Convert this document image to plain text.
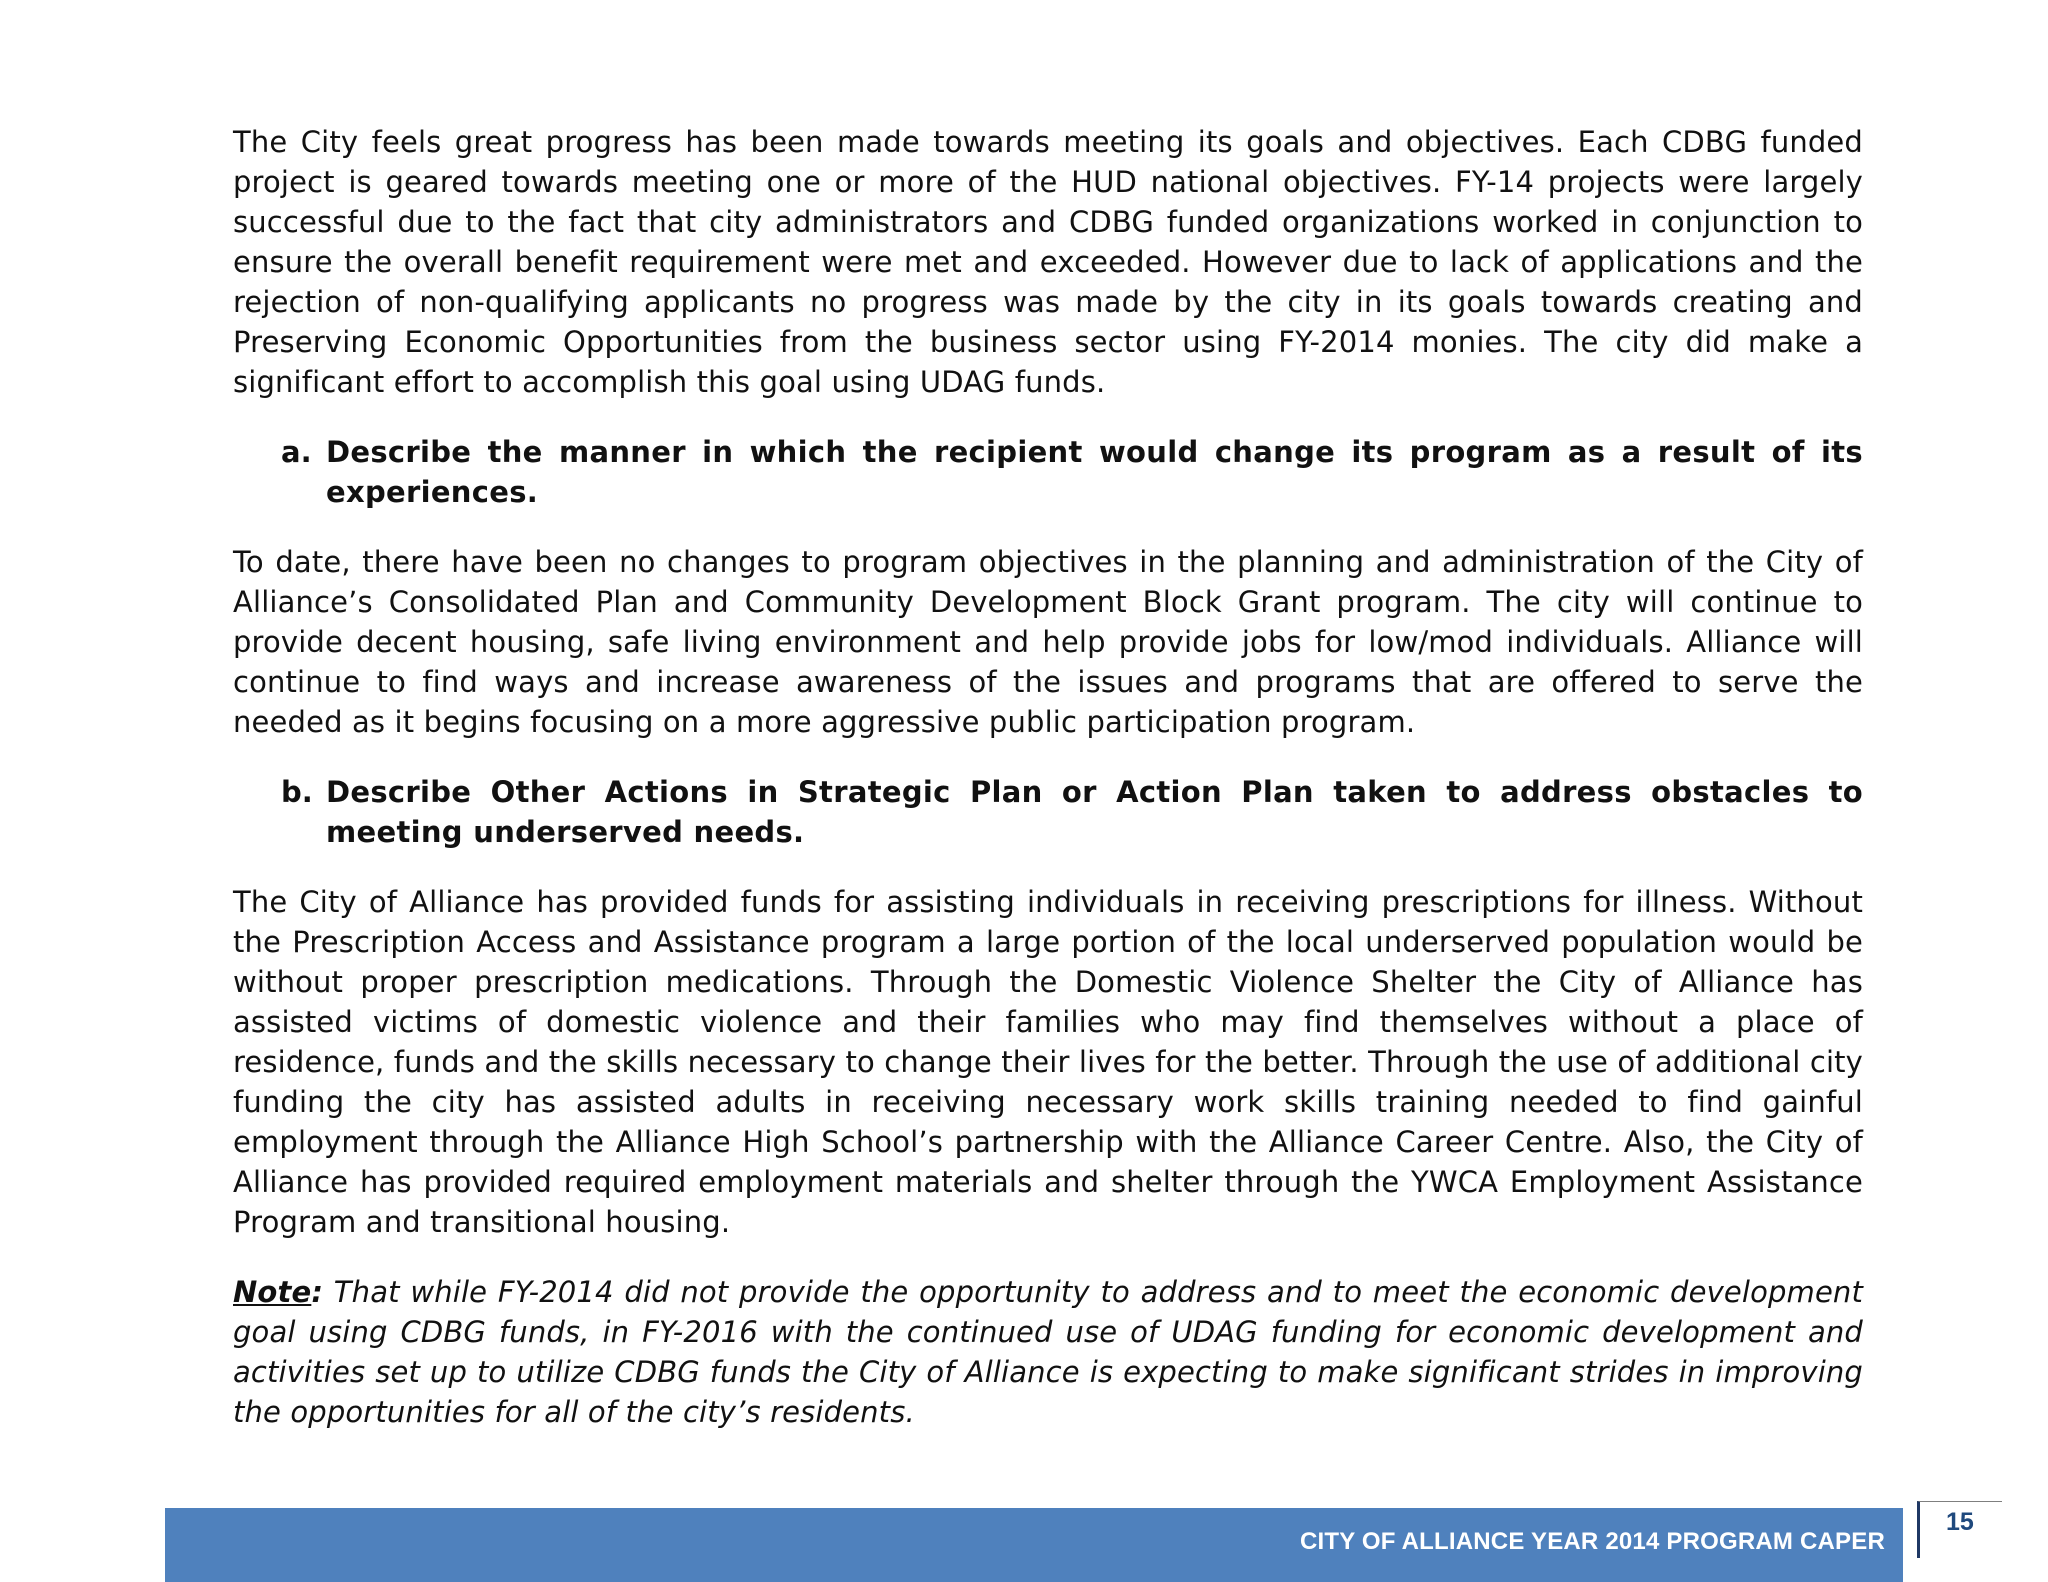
The City feels great progress has been made towards meeting its goals and objectives. Each CDBG funded project is geared towards meeting one or more of the HUD national objectives. FY-14 projects were largely successful due to the fact that city administrators and CDBG funded organizations worked in conjunction to ensure the overall benefit requirement were met and exceeded. However due to lack of applications and the rejection of non-qualifying applicants no progress was made by the city in its goals towards creating and Preserving Economic Opportunities from the business sector using FY-2014 monies. The city did make a significant effort to accomplish this goal using UDAG funds.

a. Describe the manner in which the recipient would change its program as a result of its experiences.

To date, there have been no changes to program objectives in the planning and administration of the City of Alliance’s Consolidated Plan and Community Development Block Grant program. The city will continue to provide decent housing, safe living environment and help provide jobs for low/mod individuals. Alliance will continue to find ways and increase awareness of the issues and programs that are offered to serve the needed as it begins focusing on a more aggressive public participation program.

b. Describe Other Actions in Strategic Plan or Action Plan taken to address obstacles to meeting underserved needs.

The City of Alliance has provided funds for assisting individuals in receiving prescriptions for illness. Without the Prescription Access and Assistance program a large portion of the local underserved population would be without proper prescription medications. Through the Domestic Violence Shelter the City of Alliance has assisted victims of domestic violence and their families who may find themselves without a place of residence, funds and the skills necessary to change their lives for the better. Through the use of additional city funding the city has assisted adults in receiving necessary work skills training needed to find gainful employment through the Alliance High School’s partnership with the Alliance Career Centre. Also, the City of Alliance has provided required employment materials and shelter through the YWCA Employment Assistance Program and transitional housing.

Note: That while FY-2014 did not provide the opportunity to address and to meet the economic development goal using CDBG funds, in FY-2016 with the continued use of UDAG funding for economic development and activities set up to utilize CDBG funds the City of Alliance is expecting to make significant strides in improving the opportunities for all of the city’s residents.

CITY OF ALLIANCE YEAR 2014 PROGRAM CAPER
15
